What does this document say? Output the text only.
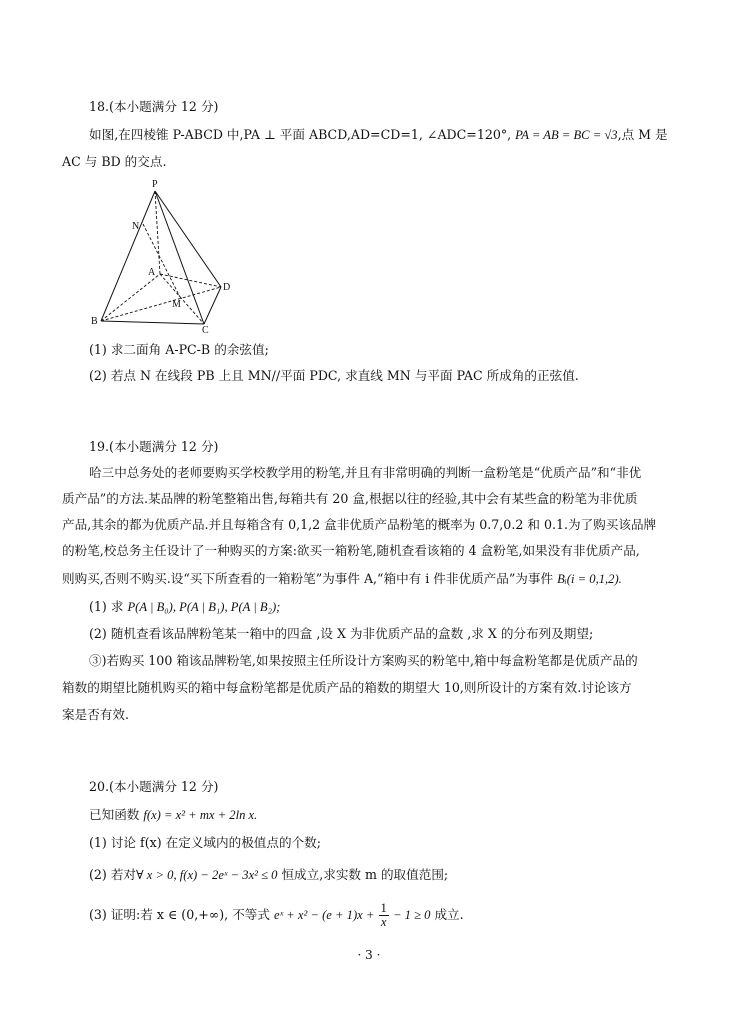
18.(本小题满分 12 分)
如图,在四棱锥 P-ABCD 中,PA ⊥ 平面 ABCD,AD=CD=1, ∠ADC=120°, PA = AB = BC = √3,点 M 是
AC 与 BD 的交点.
P
N
A
D
M
B
C
(1) 求二面角 A-PC-B 的余弦值;
(2) 若点 N 在线段 PB 上且 MN//平面 PDC, 求直线 MN 与平面 PAC 所成角的正弦值.
19.(本小题满分 12 分)
哈三中总务处的老师要购买学校教学用的粉笔,并且有非常明确的判断一盒粉笔是“优质产品”和“非优
质产品”的方法.某品牌的粉笔整箱出售,每箱共有 20 盒,根据以往的经验,其中会有某些盒的粉笔为非优质
产品,其余的都为优质产品.并且每箱含有 0,1,2 盒非优质产品粉笔的概率为 0.7,0.2 和 0.1.为了购买该品牌
的粉笔,校总务主任设计了一种购买的方案:欲买一箱粉笔,随机查看该箱的 4 盒粉笔,如果没有非优质产品,
则购买,否则不购买.设“买下所查看的一箱粉笔”为事件 A,“箱中有 i 件非优质产品”为事件 Bᵢ(i = 0,1,2).
(1) 求 P(A | B₀), P(A | B₁), P(A | B₂);
(2) 随机查看该品牌粉笔某一箱中的四盒 ,设 X 为非优质产品的盒数 ,求 X 的分布列及期望;
③)若购买 100 箱该品牌粉笔,如果按照主任所设计方案购买的粉笔中,箱中每盒粉笔都是优质产品的
箱数的期望比随机购买的箱中每盒粉笔都是优质产品的箱数的期望大 10,则所设计的方案有效.讨论该方
案是否有效.
20.(本小题满分 12 分)
已知函数 f(x) = x² + mx + 2ln x.
(1) 讨论 f(x) 在定义域内的极值点的个数;
(2) 若对∀ x > 0, f(x) − 2eˣ − 3x² ≤ 0 恒成立,求实数 m 的取值范围;
(3) 证明:若 x ∈ (0,+∞), 不等式 eˣ + $x^2 - (e + 1)x + \frac{1}{x} - 1 \ge 0$ 成立.
· 3 ·
